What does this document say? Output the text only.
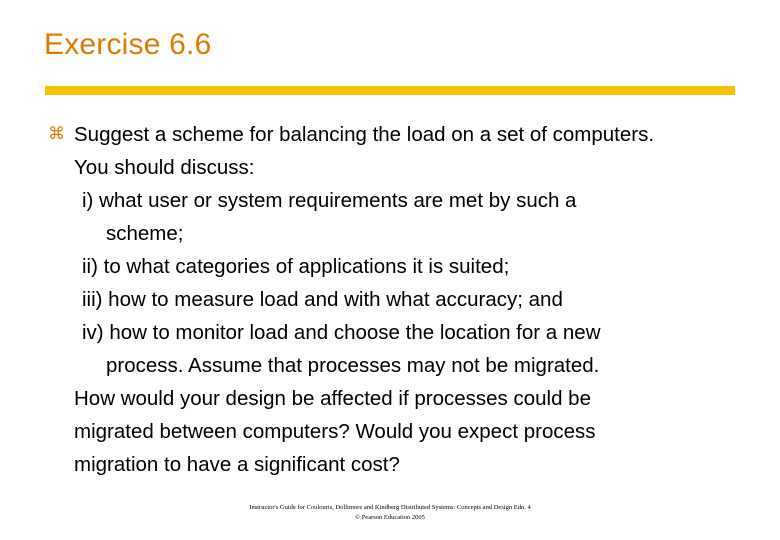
Exercise 6.6
⌘ Suggest a scheme for balancing the load on a set of computers.
You should discuss:
i) what user or system requirements are met by such a
scheme;
ii) to what categories of applications it is suited;
iii) how to measure load and with what accuracy; and
iv) how to monitor load and choose the location for a new
process. Assume that processes may not be migrated.
How would your design be affected if processes could be
migrated between computers? Would you expect process
migration to have a significant cost?
Instructor's Guide for Coulouris, Dollimore and Kindberg Distributed Systems: Concepts and Design Edn. 4
© Pearson Education 2005
